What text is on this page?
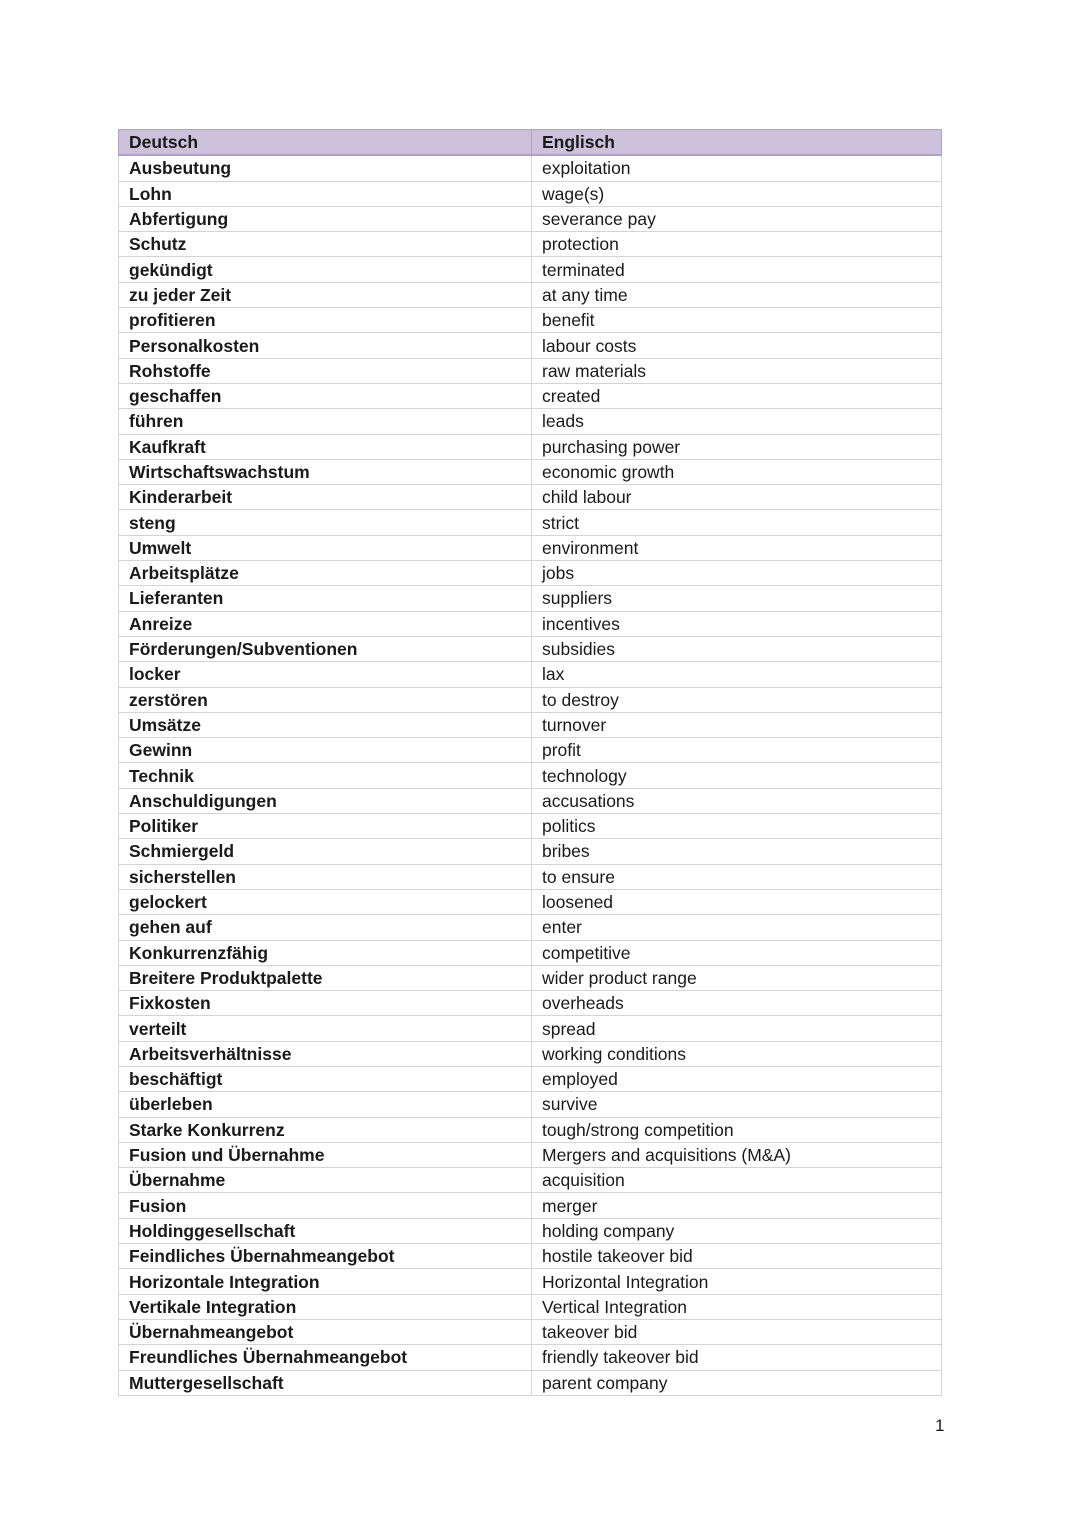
Deutsch	Englisch
Ausbeutung	exploitation
Lohn	wage(s)
Abfertigung	severance pay
Schutz	protection
gekündigt	terminated
zu jeder Zeit	at any time
profitieren	benefit
Personalkosten	labour costs
Rohstoffe	raw materials
geschaffen	created
führen	leads
Kaufkraft	purchasing power
Wirtschaftswachstum	economic growth
Kinderarbeit	child labour
steng	strict
Umwelt	environment
Arbeitsplätze	jobs
Lieferanten	suppliers
Anreize	incentives
Förderungen/Subventionen	subsidies
locker	lax
zerstören	to destroy
Umsätze	turnover
Gewinn	profit
Technik	technology
Anschuldigungen	accusations
Politiker	politics
Schmiergeld	bribes
sicherstellen	to ensure
gelockert	loosened
gehen auf	enter
Konkurrenzfähig	competitive
Breitere Produktpalette	wider product range
Fixkosten	overheads
verteilt	spread
Arbeitsverhältnisse	working conditions
beschäftigt	employed
überleben	survive
Starke Konkurrenz	tough/strong competition
Fusion und Übernahme	Mergers and acquisitions (M&A)
Übernahme	acquisition
Fusion	merger
Holdinggesellschaft	holding company
Feindliches Übernahmeangebot	hostile takeover bid
Horizontale Integration	Horizontal Integration
Vertikale Integration	Vertical Integration
Übernahmeangebot	takeover bid
Freundliches Übernahmeangebot	friendly takeover bid
Muttergesellschaft	parent company
1
